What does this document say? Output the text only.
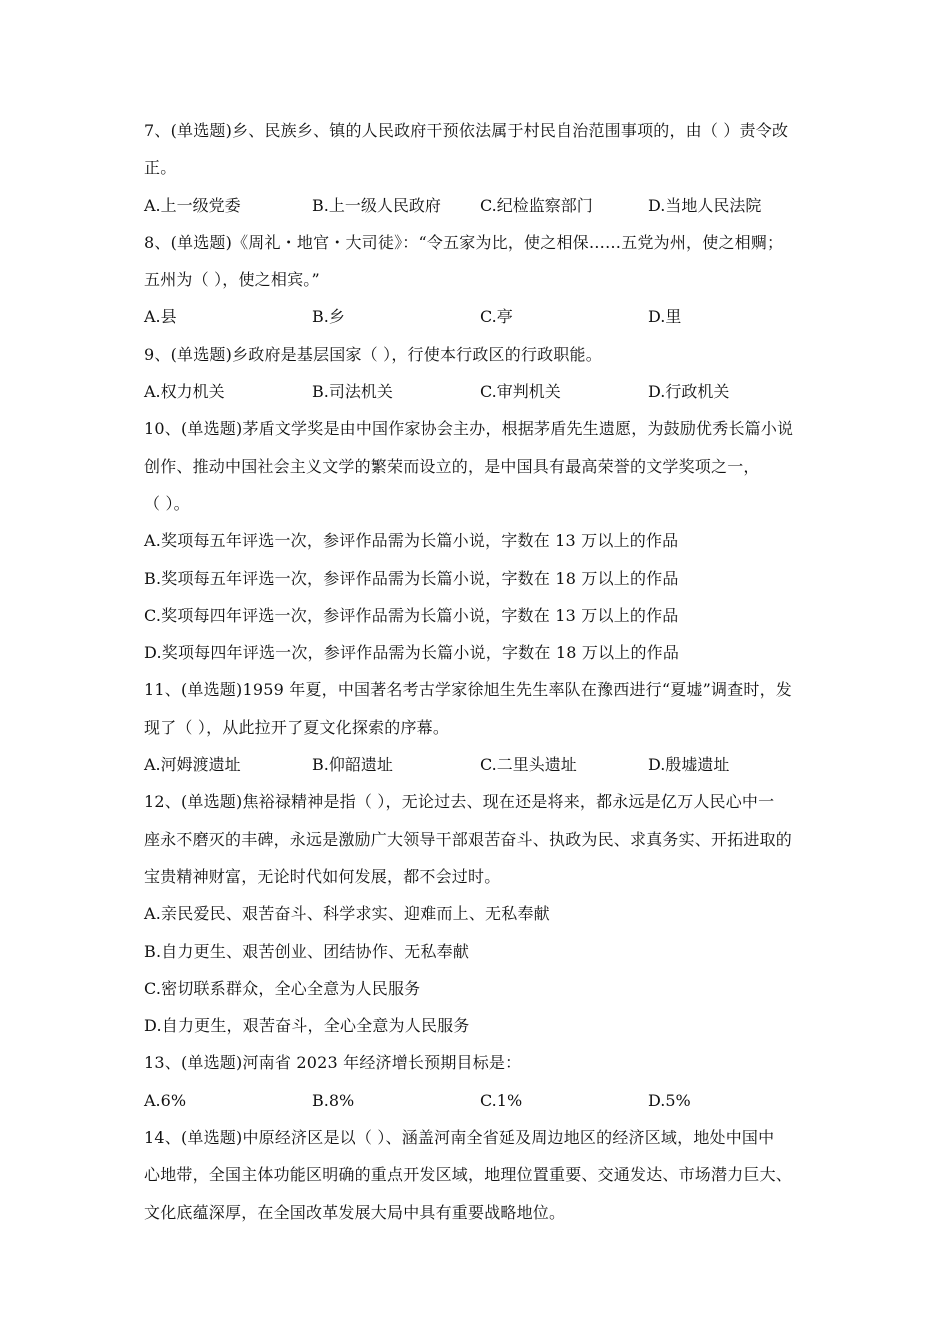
7、(单选题)乡、民族乡、镇的人民政府干预依法属于村民自治范围事项的，由（ ）责令改
正。
A.上一级党委	B.上一级人民政府	C.纪检监察部门	D.当地人民法院
8、(单选题)《周礼・地官・大司徒》：“令五家为比，使之相保……五党为州，使之相赒；
五州为（ ），使之相宾。”
A.县	B.乡	C.亭	D.里
9、(单选题)乡政府是基层国家（ ），行使本行政区的行政职能。
A.权力机关	B.司法机关	C.审判机关	D.行政机关
10、(单选题)茅盾文学奖是由中国作家协会主办，根据茅盾先生遗愿，为鼓励优秀长篇小说
创作、推动中国社会主义文学的繁荣而设立的，是中国具有最高荣誉的文学奖项之一，
（ ）。
A.奖项每五年评选一次，参评作品需为长篇小说，字数在 13 万以上的作品
B.奖项每五年评选一次，参评作品需为长篇小说，字数在 18 万以上的作品
C.奖项每四年评选一次，参评作品需为长篇小说，字数在 13 万以上的作品
D.奖项每四年评选一次，参评作品需为长篇小说，字数在 18 万以上的作品
11、(单选题)1959 年夏，中国著名考古学家徐旭生先生率队在豫西进行“夏墟”调查时，发
现了（ ），从此拉开了夏文化探索的序幕。
A.河姆渡遗址	B.仰韶遗址	C.二里头遗址	D.殷墟遗址
12、(单选题)焦裕禄精神是指（ ），无论过去、现在还是将来，都永远是亿万人民心中一
座永不磨灭的丰碑，永远是激励广大领导干部艰苦奋斗、执政为民、求真务实、开拓进取的
宝贵精神财富，无论时代如何发展，都不会过时。
A.亲民爱民、艰苦奋斗、科学求实、迎难而上、无私奉献
B.自力更生、艰苦创业、团结协作、无私奉献
C.密切联系群众，全心全意为人民服务
D.自力更生，艰苦奋斗，全心全意为人民服务
13、(单选题)河南省 2023 年经济增长预期目标是：
A.6%	B.8%	C.1%	D.5%
14、(单选题)中原经济区是以（ ）、涵盖河南全省延及周边地区的经济区域，地处中国中
心地带，全国主体功能区明确的重点开发区域，地理位置重要、交通发达、市场潜力巨大、
文化底蕴深厚，在全国改革发展大局中具有重要战略地位。
